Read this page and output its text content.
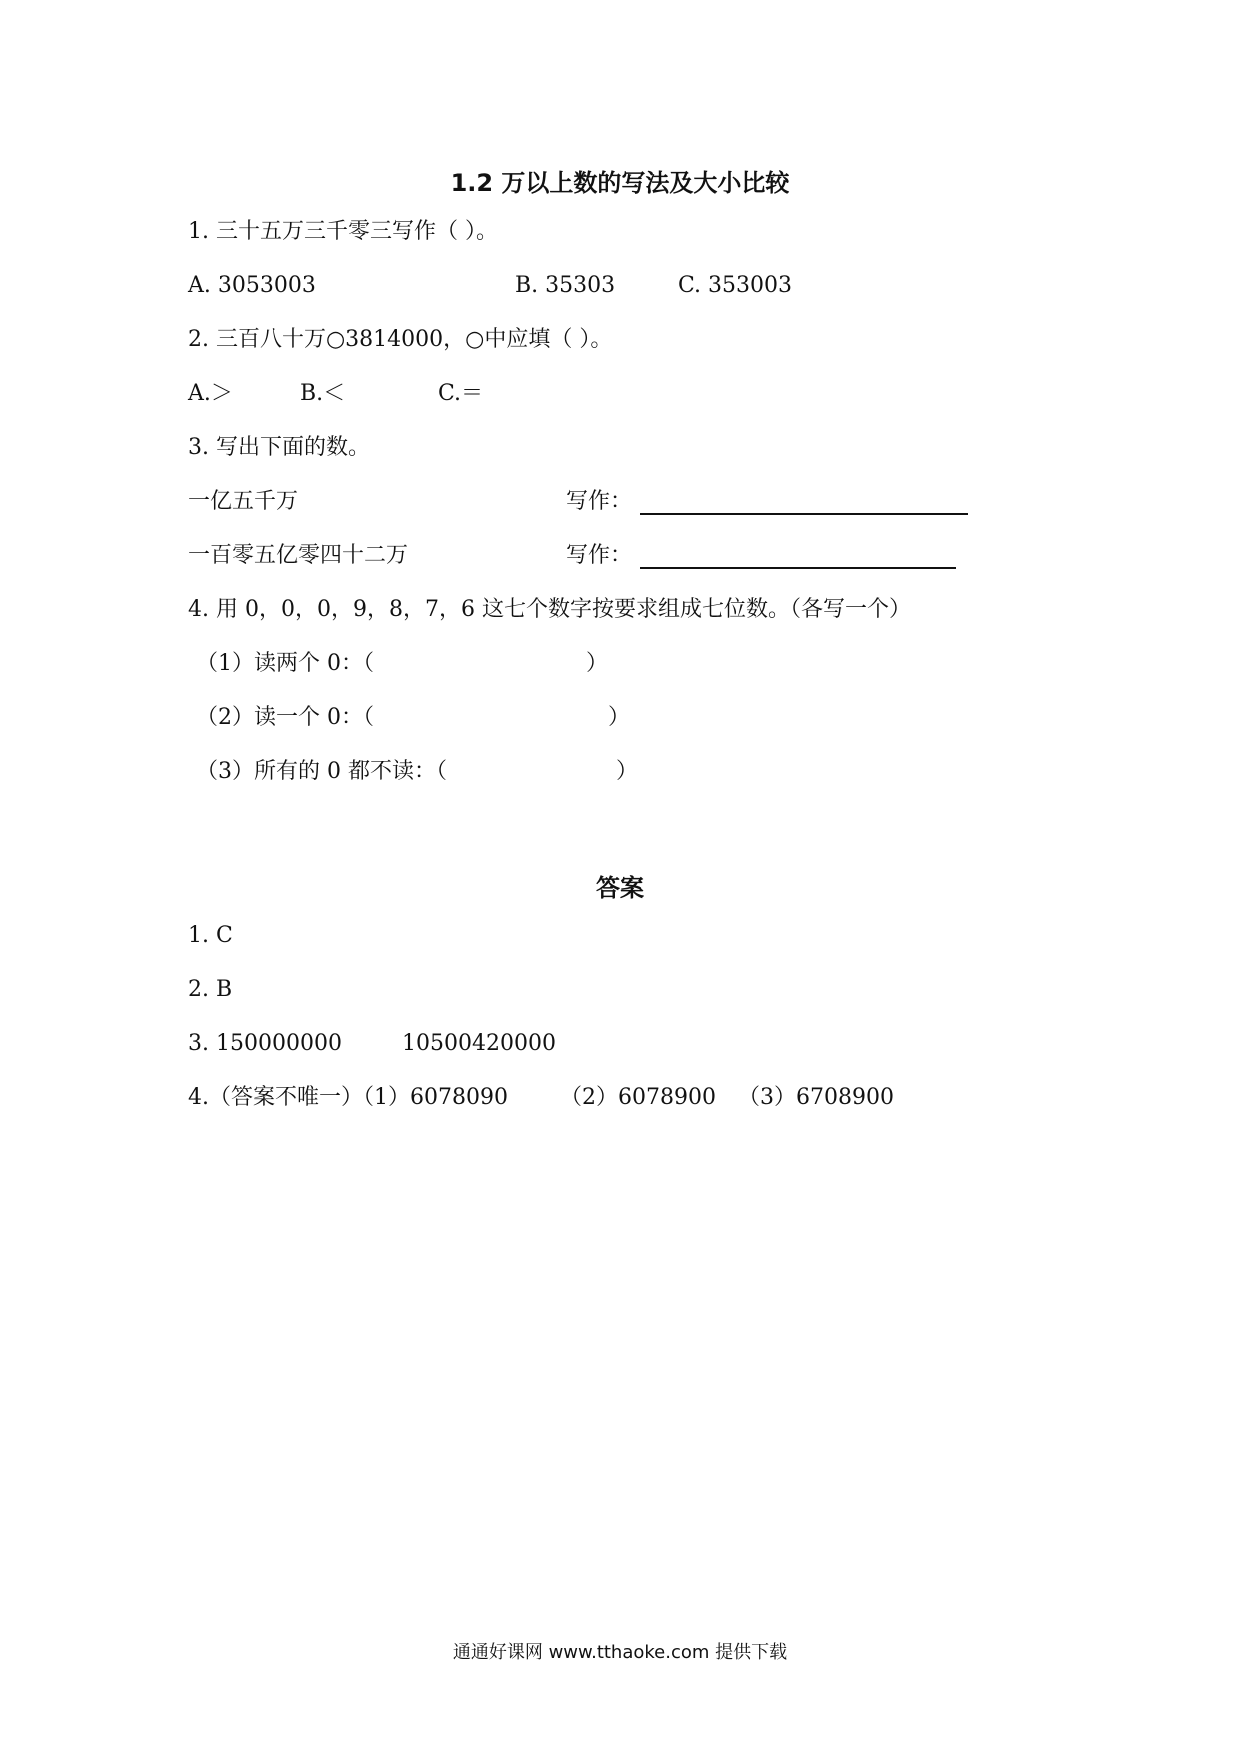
1.2 万以上数的写法及大小比较
1. 三十五万三千零三写作（ ）。
A. 3053003	B. 35303	C. 353003
2. 三百八十万○3814000，○中应填（ ）。
A.＞	B.＜	C.＝
3. 写出下面的数。
一亿五千万	写作：
一百零五亿零四十二万	写作：
4. 用 0，0，0，9，8，7，6 这七个数字按要求组成七位数。（各写一个）
（1）读两个 0：（	）
（2）读一个 0：（	）
（3）所有的 0 都不读：（	）
答案
1. C
2. B
3. 150000000	10500420000
4.（答案不唯一）（1）6078090 （2）6078900 （3）6708900
通通好课网 www.tthaoke.com 提供下载
